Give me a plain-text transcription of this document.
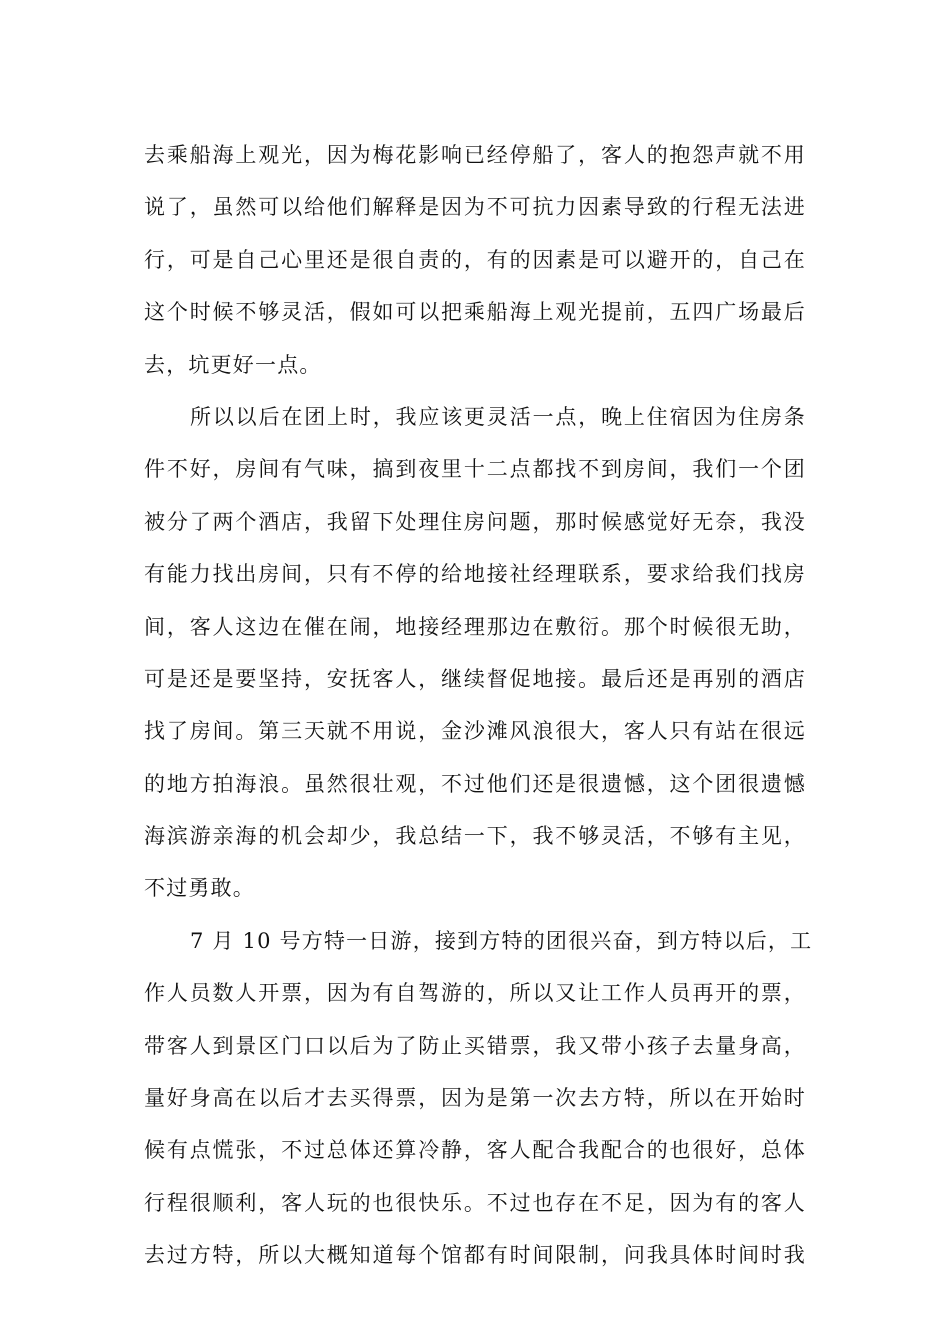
去乘船海上观光，因为梅花影响已经停船了，客人的抱怨声就不用
说了，虽然可以给他们解释是因为不可抗力因素导致的行程无法进
行，可是自己心里还是很自责的，有的因素是可以避开的，自己在
这个时候不够灵活，假如可以把乘船海上观光提前，五四广场最后
去，坑更好一点。
所以以后在团上时，我应该更灵活一点，晚上住宿因为住房条
件不好，房间有气味，搞到夜里十二点都找不到房间，我们一个团
被分了两个酒店，我留下处理住房问题，那时候感觉好无奈，我没
有能力找出房间，只有不停的给地接社经理联系，要求给我们找房
间，客人这边在催在闹，地接经理那边在敷衍。那个时候很无助，
可是还是要坚持，安抚客人，继续督促地接。最后还是再别的酒店
找了房间。第三天就不用说，金沙滩风浪很大，客人只有站在很远
的地方拍海浪。虽然很壮观，不过他们还是很遗憾，这个团很遗憾
海滨游亲海的机会却少，我总结一下，我不够灵活，不够有主见，
不过勇敢。
7 月 10 号方特一日游，接到方特的团很兴奋，到方特以后，工
作人员数人开票，因为有自驾游的，所以又让工作人员再开的票，
带客人到景区门口以后为了防止买错票，我又带小孩子去量身高，
量好身高在以后才去买得票，因为是第一次去方特，所以在开始时
候有点慌张，不过总体还算冷静，客人配合我配合的也很好，总体
行程很顺利，客人玩的也很快乐。不过也存在不足，因为有的客人
去过方特，所以大概知道每个馆都有时间限制，问我具体时间时我
